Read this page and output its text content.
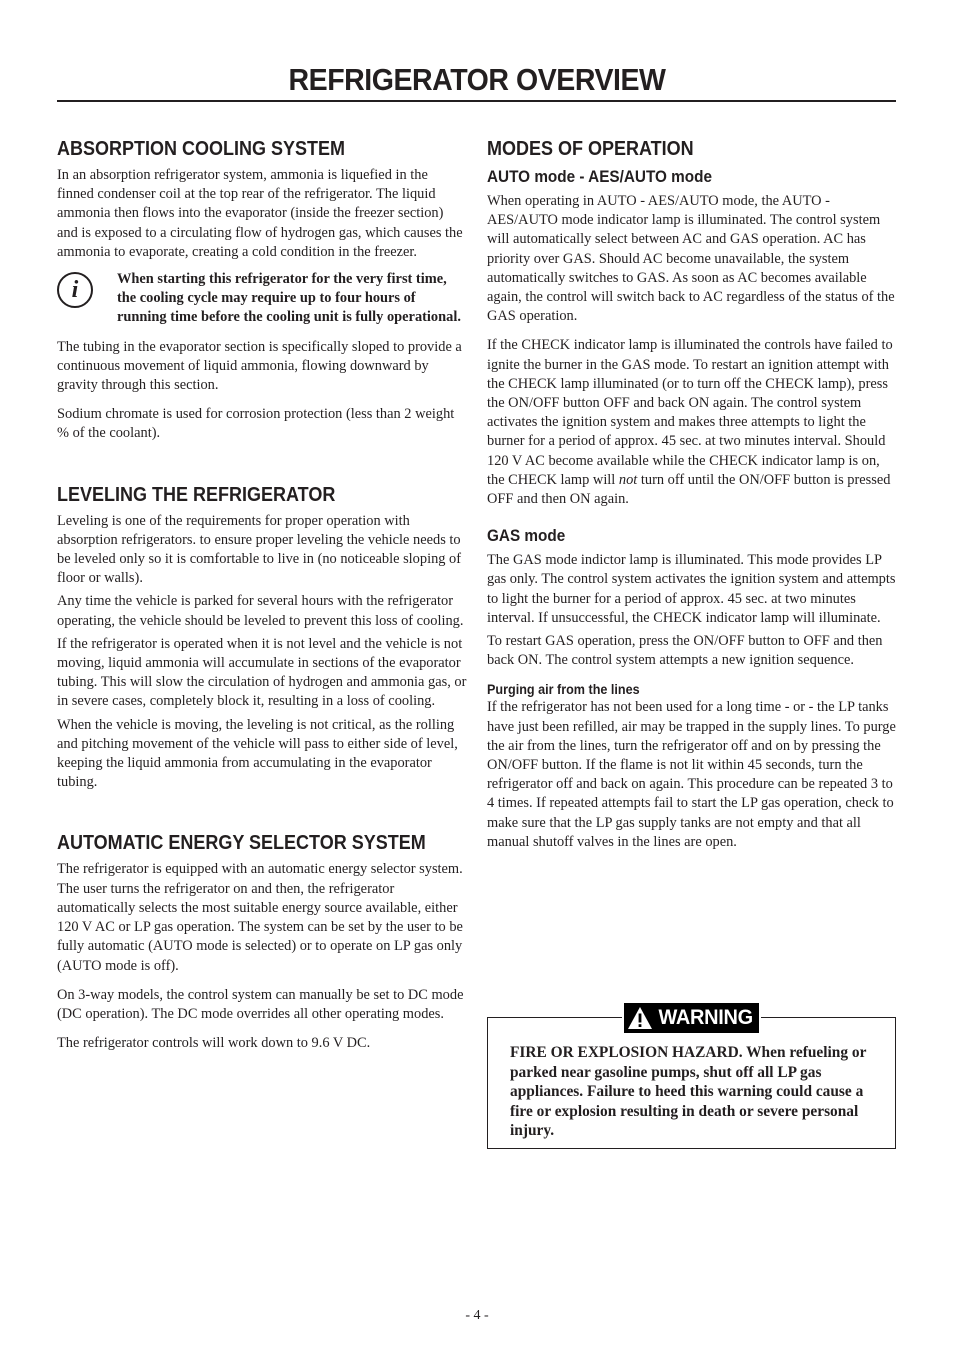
REFRIGERATOR OVERVIEW
ABSORPTION COOLING SYSTEM

In an absorption refrigerator system, ammonia is liquefied in the finned condenser coil at the top rear of the refrigerator. The liquid ammonia then flows into the evaporator (inside the freezer section) and is exposed to a circulating flow of hydrogen gas, which causes the ammonia to evaporate, creating a cold condition in the freezer.

i	When starting this refrigerator for the very first time, the cooling cycle may require up to four hours of running time before the cooling unit is fully operational.

The tubing in the evaporator section is specifically sloped to provide a continuous movement of liquid ammonia, flowing downward by gravity through this section.

Sodium chromate is used for corrosion protection (less than 2 weight % of the coolant).

LEVELING THE REFRIGERATOR

Leveling is one of the requirements for proper operation with absorption refrigerators. to ensure proper leveling the vehicle needs to be leveled only so it is comfortable to live in (no noticeable sloping of floor or walls).

Any time the vehicle is parked for several hours with the refrigerator operating, the vehicle should be leveled to prevent this loss of cooling.

If the refrigerator is operated when it is not level and the vehicle is not moving, liquid ammonia will accumulate in sections of the evaporator tubing. This will slow the circulation of hydrogen and ammonia gas, or in severe cases, completely block it, resulting in a loss of cooling.

When the vehicle is moving, the leveling is not critical, as the rolling and pitching movement of the vehicle will pass to either side of level, keeping the liquid ammonia from accumulating in the evaporator tubing.

AUTOMATIC ENERGY SELECTOR SYSTEM

The refrigerator is equipped with an automatic energy selector system. The user turns the refrigerator on and then, the refrigerator automatically selects the most suitable energy source available, either 120 V AC or LP gas operation. The system can be set by the user to be fully automatic (AUTO mode is selected) or to operate on LP gas only (AUTO mode is off).

On 3-way models, the control system can manually be set to DC mode (DC operation). The DC mode overrides all other operating modes.

The refrigerator controls will work down to 9.6 V DC.

MODES OF OPERATION
AUTO mode - AES/AUTO mode

When operating in AUTO - AES/AUTO mode, the AUTO - AES/AUTO mode indicator lamp is illuminated. The control system will automatically select between AC and GAS operation. AC has priority over GAS. Should AC become unavailable, the system automatically switches to GAS. As soon as AC becomes available again, the control will switch back to AC regardless of the status of the GAS operation.

If the CHECK indicator lamp is illuminated the controls have failed to ignite the burner in the GAS mode. To restart an ignition attempt with the CHECK lamp illuminated (or to turn off the CHECK lamp), press the ON/OFF button OFF and back ON again. The control system activates the ignition system and makes three attempts to light the burner for a period of approx. 45 sec. at two minutes interval. Should 120 V AC become available while the CHECK indicator lamp is on, the CHECK lamp will not turn off until the ON/OFF button is pressed OFF and then ON again.

GAS mode

The GAS mode indictor lamp is illuminated. This mode provides LP gas only. The control system activates the ignition system and attempts to light the burner for a period of approx. 45 sec. at two minutes interval. If unsuccessful, the CHECK indicator lamp will illuminate.

To restart GAS operation, press the ON/OFF button to OFF and then back ON. The control system attempts a new ignition sequence.

Purging air from the lines

If the refrigerator has not been used for a long time - or - the LP tanks have just been refilled, air may be trapped in the supply lines. To purge the air from the lines, turn the refrigerator off and on by pressing the ON/OFF button. If the flame is not lit within 45 seconds, turn the refrigerator off and back on again. This procedure can be repeated 3 to 4 times. If repeated attempts fail to start the LP gas operation, check to make sure that the LP gas supply tanks are not empty and that all manual shutoff valves in the lines are open.

WARNING

FIRE OR EXPLOSION HAZARD. When refueling or parked near gasoline pumps, shut off all LP gas appliances. Failure to heed this warning could cause a fire or explosion resulting in death or severe personal injury.

- 4 -
